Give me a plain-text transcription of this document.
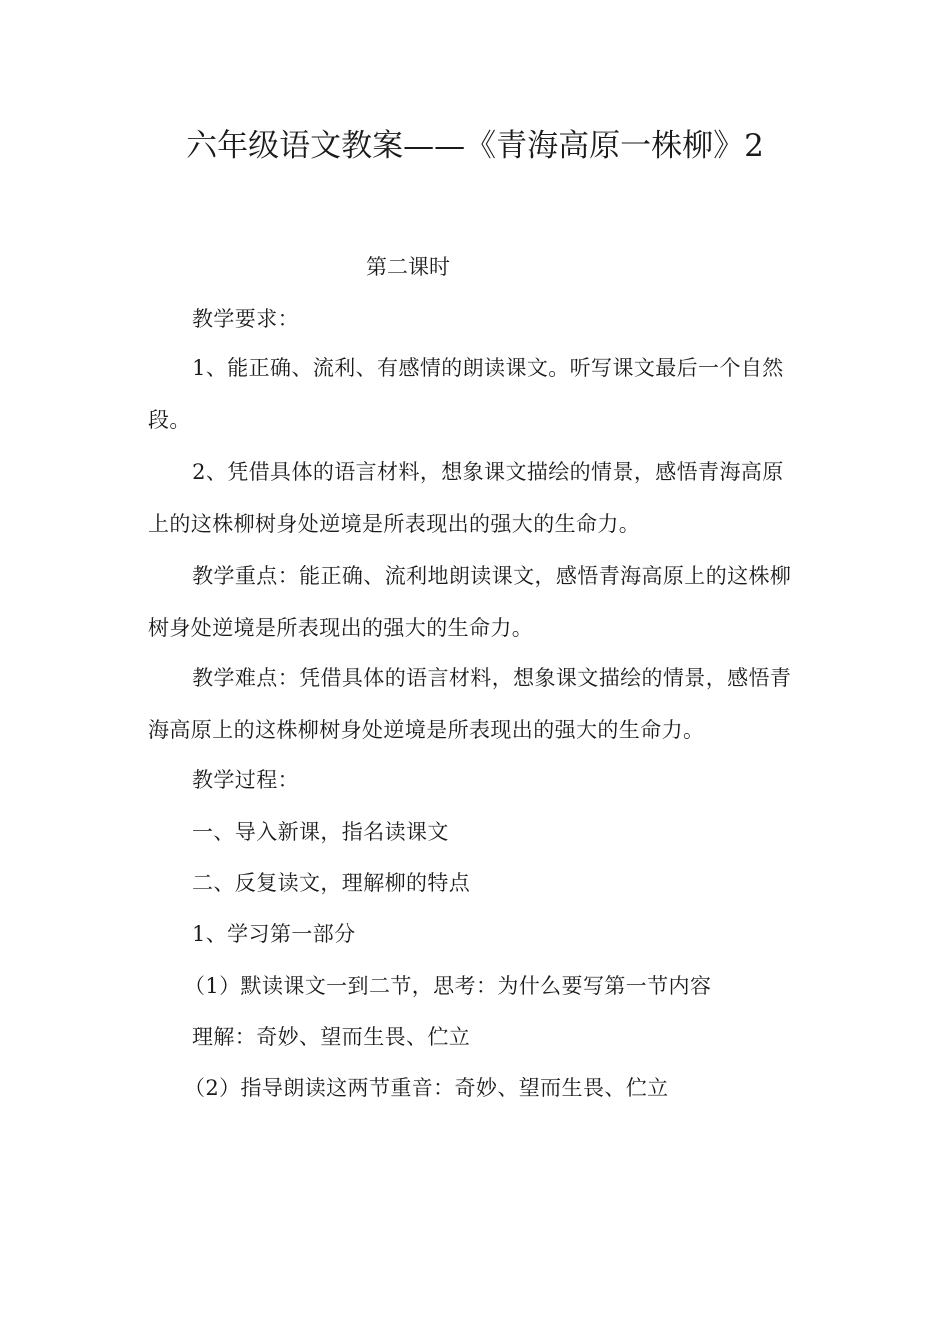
六年级语文教案——《青海高原一株柳》2
第二课时
教学要求：

1、能正确、流利、有感情的朗读课文。听写课文最后一个自然段。

2、凭借具体的语言材料，想象课文描绘的情景，感悟青海高原上的这株柳树身处逆境是所表现出的强大的生命力。

教学重点：能正确、流利地朗读课文，感悟青海高原上的这株柳树身处逆境是所表现出的强大的生命力。

教学难点：凭借具体的语言材料，想象课文描绘的情景，感悟青海高原上的这株柳树身处逆境是所表现出的强大的生命力。

教学过程：
一、导入新课，指名读课文
二、反复读文，理解柳的特点
1、学习第一部分
（1）默读课文一到二节，思考：为什么要写第一节内容
理解：奇妙、望而生畏、伫立
（2）指导朗读这两节重音：奇妙、望而生畏、伫立
